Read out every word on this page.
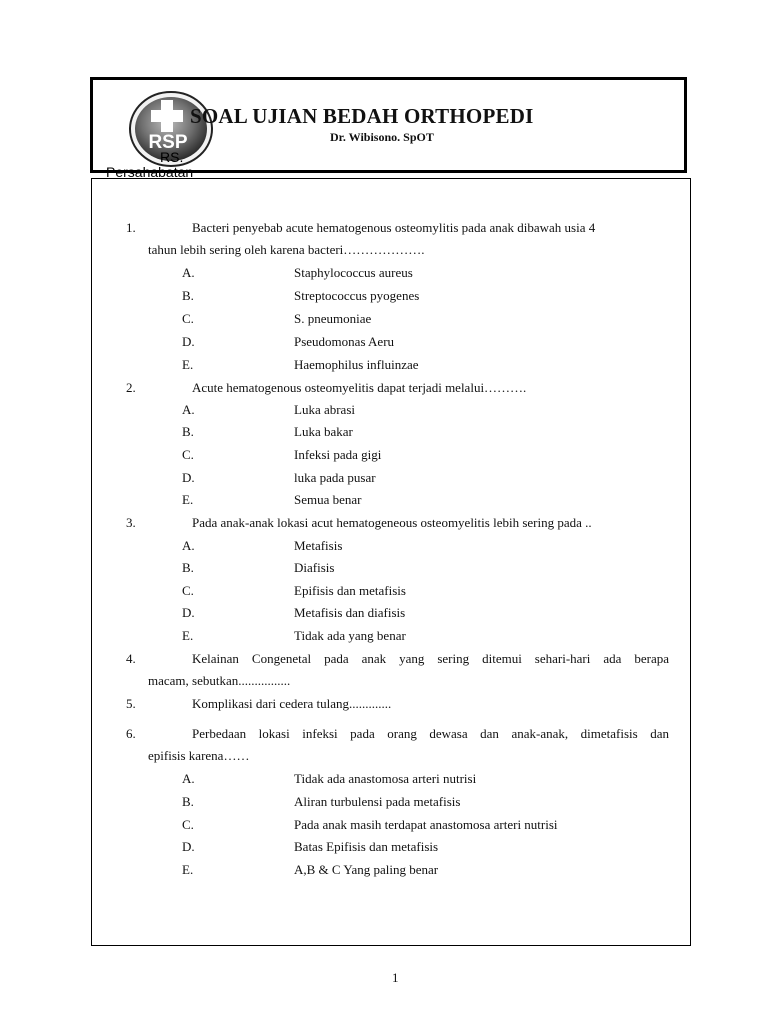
RSP
RS.
Persahabatan
SOAL UJIAN BEDAH ORTHOPEDI
Dr. Wibisono. SpOT
1.	Bacteri penyebab acute hematogenous osteomylitis pada anak dibawah usia 4
tahun lebih sering oleh karena bacteri……………….
A.	Staphylococcus aureus
B.	Streptococcus pyogenes
C.	S. pneumoniae
D.	Pseudomonas Aeru
E.	Haemophilus influinzae
2.	Acute hematogenous osteomyelitis dapat terjadi melalui……….
A.	Luka abrasi
B.	Luka bakar
C.	Infeksi pada gigi
D.	luka pada pusar
E.	Semua benar
3.	Pada anak-anak lokasi acut hematogeneous osteomyelitis lebih sering pada ..
A.	Metafisis
B.	Diafisis
C.	Epifisis dan metafisis
D.	Metafisis dan diafisis
E.	Tidak ada yang benar
4.	Kelainan Congenetal pada anak yang sering ditemui sehari-hari ada berapa
macam, sebutkan................
5.	Komplikasi dari cedera tulang.............
6.	Perbedaan lokasi infeksi pada orang dewasa dan anak-anak, dimetafisis dan
epifisis karena……
A.	Tidak ada anastomosa arteri nutrisi
B.	Aliran turbulensi pada metafisis
C.	Pada anak masih terdapat anastomosa arteri nutrisi
D.	Batas Epifisis dan metafisis
E.	A,B & C Yang paling benar
1
